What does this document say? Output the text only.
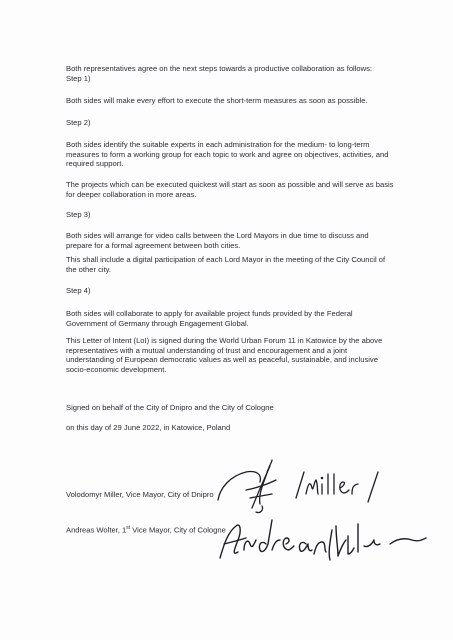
Both representatives agree on the next steps towards a productive collaboration as follows:

Step 1)

Both sides will make every effort to execute the short-term measures as soon as possible.

Step 2)

Both sides identify the suitable experts in each administration for the medium- to long-term measures to form a working group for each topic to work and agree on objectives, activities, and required support.

The projects which can be executed quickest will start as soon as possible and will serve as basis for deeper collaboration in more areas.

Step 3)

Both sides will arrange for video calls between the Lord Mayors in due time to discuss and prepare for a formal agreement between both cities.

This shall include a digital participation of each Lord Mayor in the meeting of the City Council of the other city.

Step 4)

Both sides will collaborate to apply for available project funds provided by the Federal Government of Germany through Engagement Global.

This Letter of Intent (LoI) is signed during the World Urban Forum 11 in Katowice by the above representatives with a mutual understanding of trust and encouragement and a joint understanding of European democratic values as well as peaceful, sustainable, and inclusive socio-economic development.

Signed on behalf of the City of Dnipro and the City of Cologne

on this day of 29 June 2022, in Katowice, Poland

Volodomyr Miller, Vice Mayor, City of Dnipro

Andreas Wolter, 1st Vice Mayor, City of Cologne
